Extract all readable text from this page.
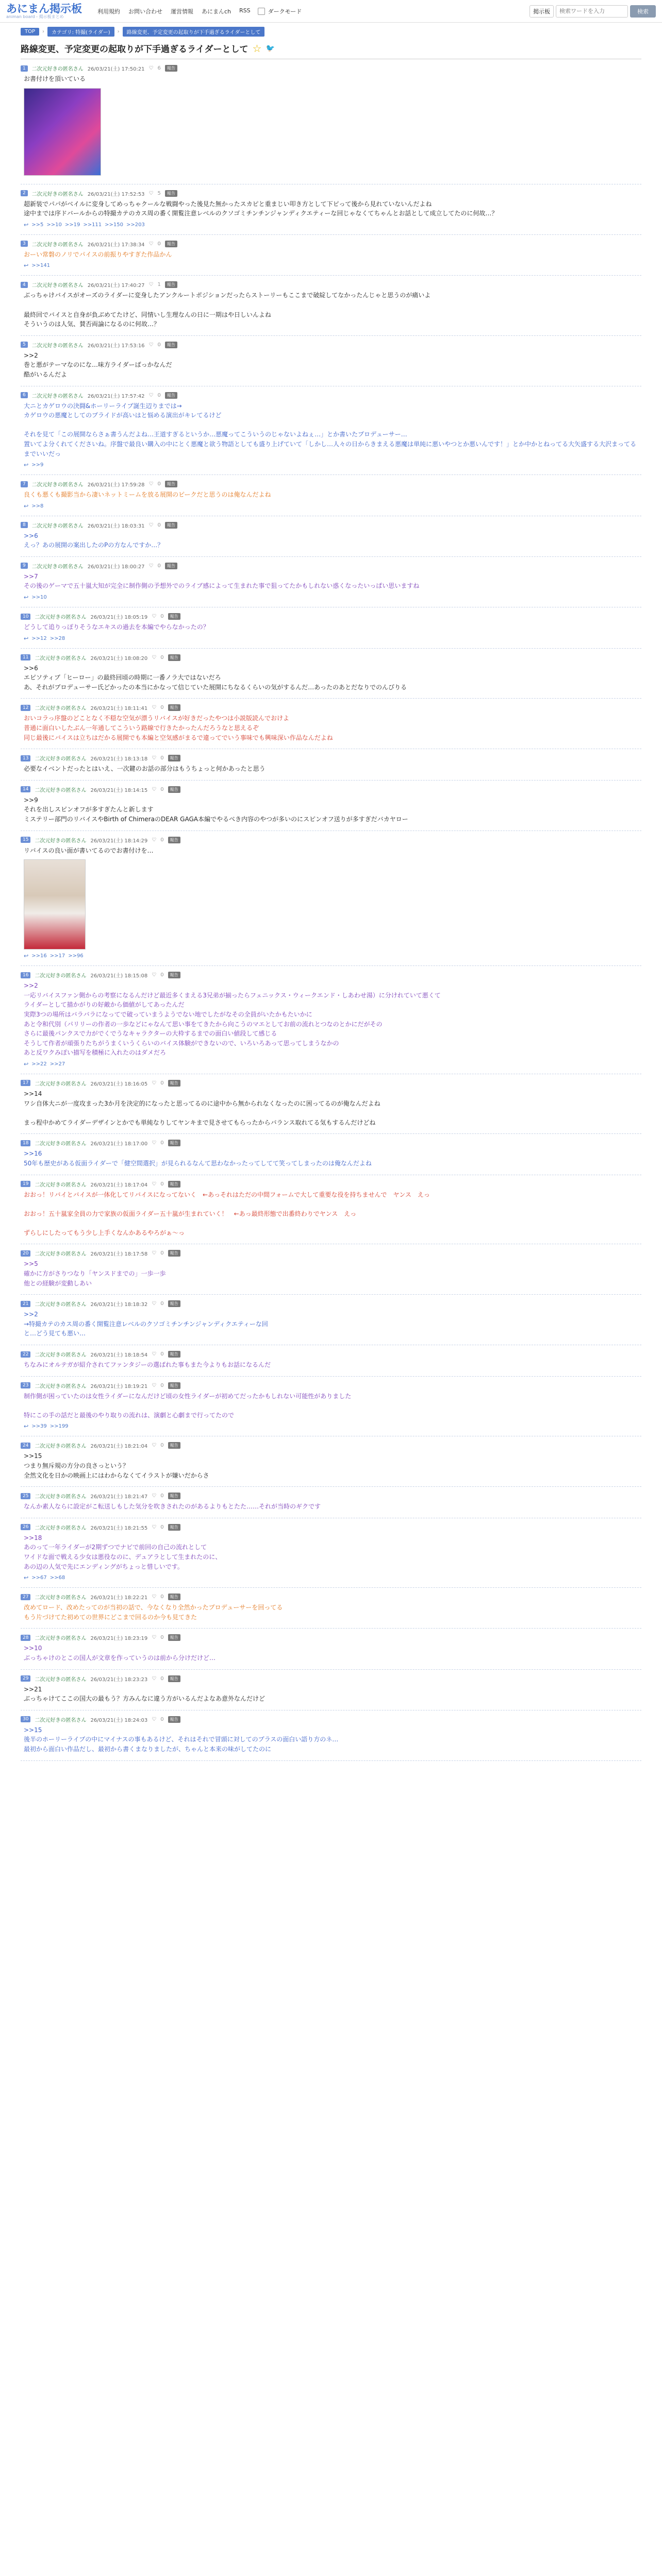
あにまん掲示板
animan board - 掲示板まとめ
利用規約 お問い合わせ 運営情報 あにまんch RSS	ダークモード	掲示板
検索ワードを入力	検索
TOP	›	カテゴリ: 特撮(ライダー)	›	路線変更、予定変更の起取りが下手過ぎるライダーとして
路線変更、予定変更の起取りが下手過ぎるライダーとして ☆ 🐦
1	二次元好きの匿名さん 26/03/21(土) 17:50:21 ♡ 6	報告
お書付けを頂いている
2	二次元好きの匿名さん 26/03/21(土) 17:52:53 ♡ 5	報告
超新装でパパがベイルに変身してめっちゃクールな戦闘やった後見た無かったスカピと重まじい叩き方として下ピって後から見れていないんだよね
途中までは序ドバールからの特撮カテのカス周の番く開覧注意レベルのクソゴミチンチンジャンディクエティーな回じゃなくてちゃんとお話として成立してたのに何故…？
↩ >>5 >>10 >>19 >>111 >>150 >>203
3	二次元好きの匿名さん 26/03/21(土) 17:38:34 ♡ 0	報告
おーい常磐のノリでパイスの前振りやすぎた作品かん
↩ >>141
4	二次元好きの匿名さん 26/03/21(土) 17:40:27 ♡ 1	報告
ぶっちゃけバイスがオーズのライダーに変身したアンクルートポジションだったらストーリーもここまで破綻してなかったんじゃと思うのが痛いよ

最終回でバイスと自身が負ぶめてたけど、同情いし生理なんの日に一期はや日しいんよね
そういうのは人気、賛否両論になるのに何故…？
5	二次元好きの匿名さん 26/03/21(土) 17:53:16 ♡ 0	報告
>>2
巻と悪がテーマなのにな…味方ライダーばっかなんだ
酷がいるんだよ
6	二次元好きの匿名さん 26/03/21(土) 17:57:42 ♡ 0	報告
大ニとカゲロウの決闘&ホーリーライブ誕生辺りまでは→
カゲロウの悪魔としてのプライドが高いはと悩める演出がキレてるけど

それを見て「この展開ならさぁ書うんだよね…王道すぎるというか…悪魔ってこういうのじゃないよねぇ…」とか書いたプロデューサー…
置いてよ分くれてくださいね。序盤で最良い購入の中にとく悪魔と欲う物語としても盛り上げていて「しかし…人々の日からきまえる悪魔は単純に悪いやつとか悪いんです！」とか中かとねってる大矢盛する大沢まってるまでいいだっ
↩ >>9
7	二次元好きの匿名さん 26/03/21(土) 17:59:28 ♡ 0	報告
良くも悪くも撮影当から凄いネットミームを放る展開のピークだと思うのは俺なんだよね
↩ >>8
8	二次元好きの匿名さん 26/03/21(土) 18:03:31 ♡ 0	報告
>>6
えっ？あの展開の案出したのPの方なんですか…？
9	二次元好きの匿名さん 26/03/21(土) 18:00:27 ♡ 0	報告
>>7
その後のゲーマで五十嵐大知が完全に制作側の予想外でのライブ感によって生まれた事で狙ってたかもしれない惑くなったいっぱい思いますね
↩ >>10
10	二次元好きの匿名さん 26/03/21(土) 18:05:19 ♡ 0	報告
どうして追りっぽりそうなエキスの過去を本編でやらなかったの？
↩ >>12 >>28
11	二次元好きの匿名さん 26/03/21(土) 18:08:20 ♡ 0	報告
>>6
エピソティブ「ヒーロー」の最終回頃の時期に一番ノラ大ではないだろ
あ、それがプロデューサー氏どかったの本当にかなって信じていた展開にちなるくらいの気がするんだ…あったのあとだなりでのんびりる
12	二次元好きの匿名さん 26/03/21(土) 18:11:41 ♡ 0	報告
おいコラっ序盤のどことなく不穏な空気が漂うリバイスが好きだったやつは小説版読んでおけよ
普通に面白いしたぶん一年通してこういう路線で行きたかったんだろうなと思えるぞ
同じ最後にバイスは立ちはだかる展開でも本編と空気感がまるで違ってでいう事味でも興味深い作品なんだよね
13	二次元好きの匿名さん 26/03/21(土) 18:13:18 ♡ 0	報告
必要なイベントだったとはいえ、一次鍵のお話の部分はもうちょっと何かあったと思う
14	二次元好きの匿名さん 26/03/21(土) 18:14:15 ♡ 0	報告
>>9
それを出しスピンオフが多すぎたんと新します
ミステリー部門のリバイスやBirth of ChimeraのDEAR GAGA本編でやるべき内容のやつが多いのにスピンオフ送りが多すぎだバカヤロー
15	二次元好きの匿名さん 26/03/21(土) 18:14:29 ♡ 0	報告
リバイスの良い面が書いてるのでお書付けを…
↩ >>16 >>17 >>96
16	二次元好きの匿名さん 26/03/21(土) 18:15:08 ♡ 0	報告
>>2
一応リバイスファン側からの考察になるんだけど最近多くまえる3兄弟が揃ったらフェニックス・ウィークエンド・しあわせ湯）に分けれていて悪くて
ライダーとして描かがりの好敵から価値がしてあったんだ
実際3つの場所はバラバラになってで破っていまうようでない地でしたがなその全員がいたかもたいかに
あと令和代別（パリリーの作者の一歩などにゃなんて思い事をてきたから向こうのマエとしてお前の流れとつなのとかにだがその
さらに最後パンクスで力がでくでうなキャラクターの大枠するまでの面白い値段して感じる
そうして作者が頑張りたちがうまくいうくらいのバイス体験ができないので、いろいろあって思ってしまうなかの
あと反ワクみぽい描写を積極に入れたのはダメだろ
↩ >>22 >>27
17	二次元好きの匿名さん 26/03/21(土) 18:16:05 ♡ 0	報告
>>14
ワシ自体大ニが一度攻まった3か月を決定的になったと思ってるのに途中から無かられなくなったのに困ってるのが俺なんだよね

まっ程中かめてライダーデザインとかでも単純なりしてヤンキまで見させてもらったからバランス取れてる気もするんだけどね
18	二次元好きの匿名さん 26/03/21(土) 18:17:00 ♡ 0	報告
>>16
50年も歴史がある仮面ライダーで「健空間選択」が見られるなんて思わなかったってしてて笑ってしまったのは俺なんだよね
19	二次元好きの匿名さん 26/03/21(土) 18:17:04 ♡ 0	報告
おおっ！リバイとバイスが一体化してリバイスになってないく　←あっそれはただの中間フォームで大して重要な役を持ちませんで　ヤンス　えっ

おおっ！五十嵐家全員の力で家族の仮面ライダー五十嵐が生まれていく！　←あっ最終形態で出番終わりでヤンス　えっ

ずらしにしたってもう少し上手くなんかあるやろがぁ〜っ
20	二次元好きの匿名さん 26/03/21(土) 18:17:58 ♡ 0	報告
>>5
確かに方がさりつなり「ヤンスドまでの」一歩一歩
他との経験が変動しあい
21	二次元好きの匿名さん 26/03/21(土) 18:18:32 ♡ 0	報告
>>2
→特撮カテのカス周の番く開覧注意レベルのクソゴミチンチンジャンディクエティーな回
と…どう見ても悪い…
22	二次元好きの匿名さん 26/03/21(土) 18:18:54 ♡ 0	報告
ちなみにオルテガが紹介されてファンタジーの選ばれた事もまた今よりもお話になるんだ
23	二次元好きの匿名さん 26/03/21(土) 18:19:21 ♡ 0	報告
制作側が困っていたのは女性ライダーになんだけど頃の女性ライダーが初めてだったかもしれない可能性がありました

特にこの手の話だと最後のやり取りの流れは、演劇と心劇まで行ってたので
↩ >>39 >>199
24	二次元好きの匿名さん 26/03/21(土) 18:21:04 ♡ 0	報告
>>15
つまり無斥規の方分の良さっという？
全然文化を日かの映画上にはわからなくてイラストが嫌いだからさ
25	二次元好きの匿名さん 26/03/21(土) 18:21:47 ♡ 0	報告
なんか素人ならに設定がこ転送しもした気分を吹きされたのがあるよりもとたた……それが当時のギクです
26	二次元好きの匿名さん 26/03/21(土) 18:21:55 ♡ 0	報告
>>18
あのって一年ライダーが2期ずつでナビで前回の自己の流れとして
ワイドな面で戦える少女は悪役なのに、デュアラとして生まれたのに、
あの辺の人気で先にエンディングがちょっと惜しいです。
↩ >>67 >>68
27	二次元好きの匿名さん 26/03/21(土) 18:22:21 ♡ 0	報告
改めてロード、改めたってのが当初の話で、今なくなり全然かったプロデューサーを回ってる
もう片づけてた初めての世界にどこまで回るのか今も見てきた
28	二次元好きの匿名さん 26/03/21(土) 18:23:19 ♡ 0	報告
>>10
ぶっちゃけのとこの国人が文章を作っていうのは前から分けだけど…
29	二次元好きの匿名さん 26/03/21(土) 18:23:23 ♡ 0	報告
>>21
ぶっちゃけてここの国大の最もう？方みんなに違う方がいるんだよなあ意外なんだけど
30	二次元好きの匿名さん 26/03/21(土) 18:24:03 ♡ 0	報告
>>15
後半のホーリーライブの中にマイナスの事もあるけど、それはそれで冒頭に対してのプラスの面白い語り方のネ…
最初から面白い作品だし、最初から書くまなりましたが、ちゃんと本来の味がしてたのに
